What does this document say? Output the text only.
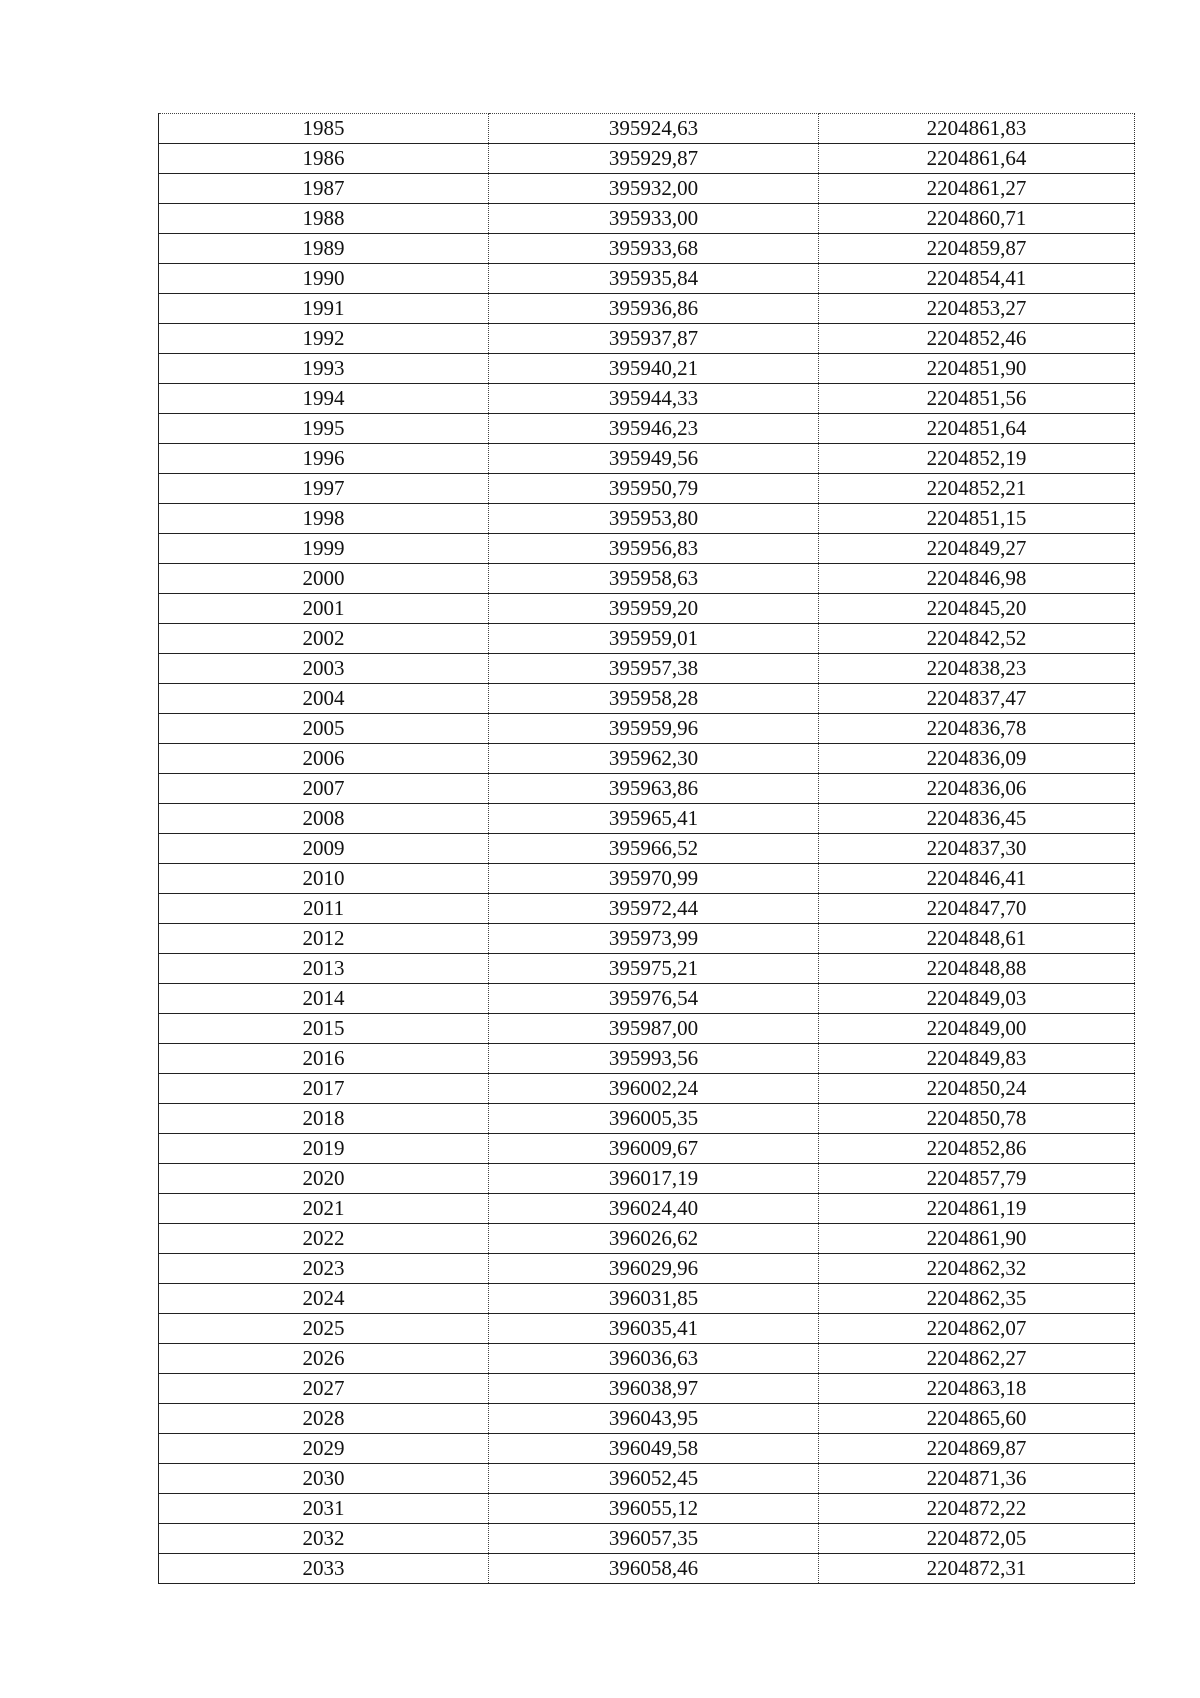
1985	395924,63	2204861,83
1986	395929,87	2204861,64
1987	395932,00	2204861,27
1988	395933,00	2204860,71
1989	395933,68	2204859,87
1990	395935,84	2204854,41
1991	395936,86	2204853,27
1992	395937,87	2204852,46
1993	395940,21	2204851,90
1994	395944,33	2204851,56
1995	395946,23	2204851,64
1996	395949,56	2204852,19
1997	395950,79	2204852,21
1998	395953,80	2204851,15
1999	395956,83	2204849,27
2000	395958,63	2204846,98
2001	395959,20	2204845,20
2002	395959,01	2204842,52
2003	395957,38	2204838,23
2004	395958,28	2204837,47
2005	395959,96	2204836,78
2006	395962,30	2204836,09
2007	395963,86	2204836,06
2008	395965,41	2204836,45
2009	395966,52	2204837,30
2010	395970,99	2204846,41
2011	395972,44	2204847,70
2012	395973,99	2204848,61
2013	395975,21	2204848,88
2014	395976,54	2204849,03
2015	395987,00	2204849,00
2016	395993,56	2204849,83
2017	396002,24	2204850,24
2018	396005,35	2204850,78
2019	396009,67	2204852,86
2020	396017,19	2204857,79
2021	396024,40	2204861,19
2022	396026,62	2204861,90
2023	396029,96	2204862,32
2024	396031,85	2204862,35
2025	396035,41	2204862,07
2026	396036,63	2204862,27
2027	396038,97	2204863,18
2028	396043,95	2204865,60
2029	396049,58	2204869,87
2030	396052,45	2204871,36
2031	396055,12	2204872,22
2032	396057,35	2204872,05
2033	396058,46	2204872,31
